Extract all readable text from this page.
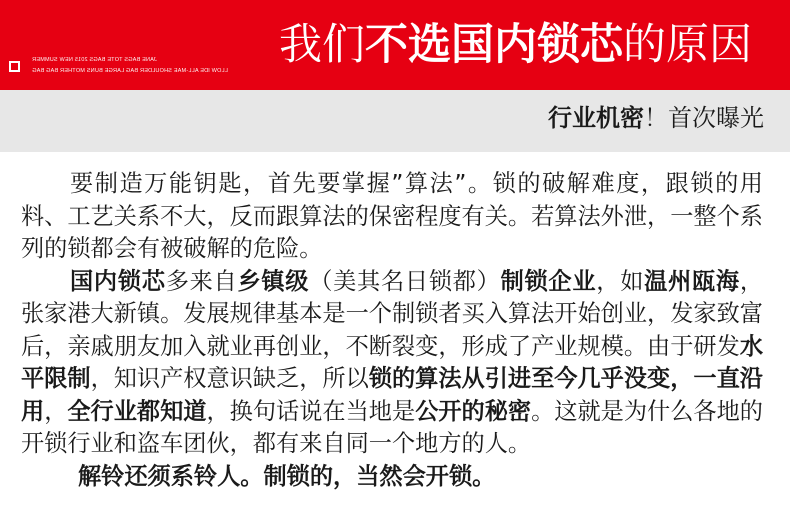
JANE BAGS TOTE BAGS 2015 NEW SUMMER
LLOW IDE ALL-MAE SHOULDER BAG LARGE BUNS MOTHER BAG BAG
我们不选国内锁芯的原因
行业机密！首次曝光

要制造万能钥匙，首先要掌握”算法”。锁的破解难度，跟锁的用料、工艺关系不大，反而跟算法的保密程度有关。若算法外泄，一整个系列的锁都会有被破解的危险。

国内锁芯多来自乡镇级（美其名日锁都）制锁企业，如温州瓯海，张家港大新镇。发展规律基本是一个制锁者买入算法开始创业，发家致富后，亲戚朋友加入就业再创业，不断裂变，形成了产业规模。由于研发水平限制，知识产权意识缺乏，所以锁的算法从引进至今几乎没变，一直沿用，全行业都知道，换句话说在当地是公开的秘密。这就是为什么各地的开锁行业和盗车团伙，都有来自同一个地方的人。

解铃还须系铃人。制锁的，当然会开锁。
